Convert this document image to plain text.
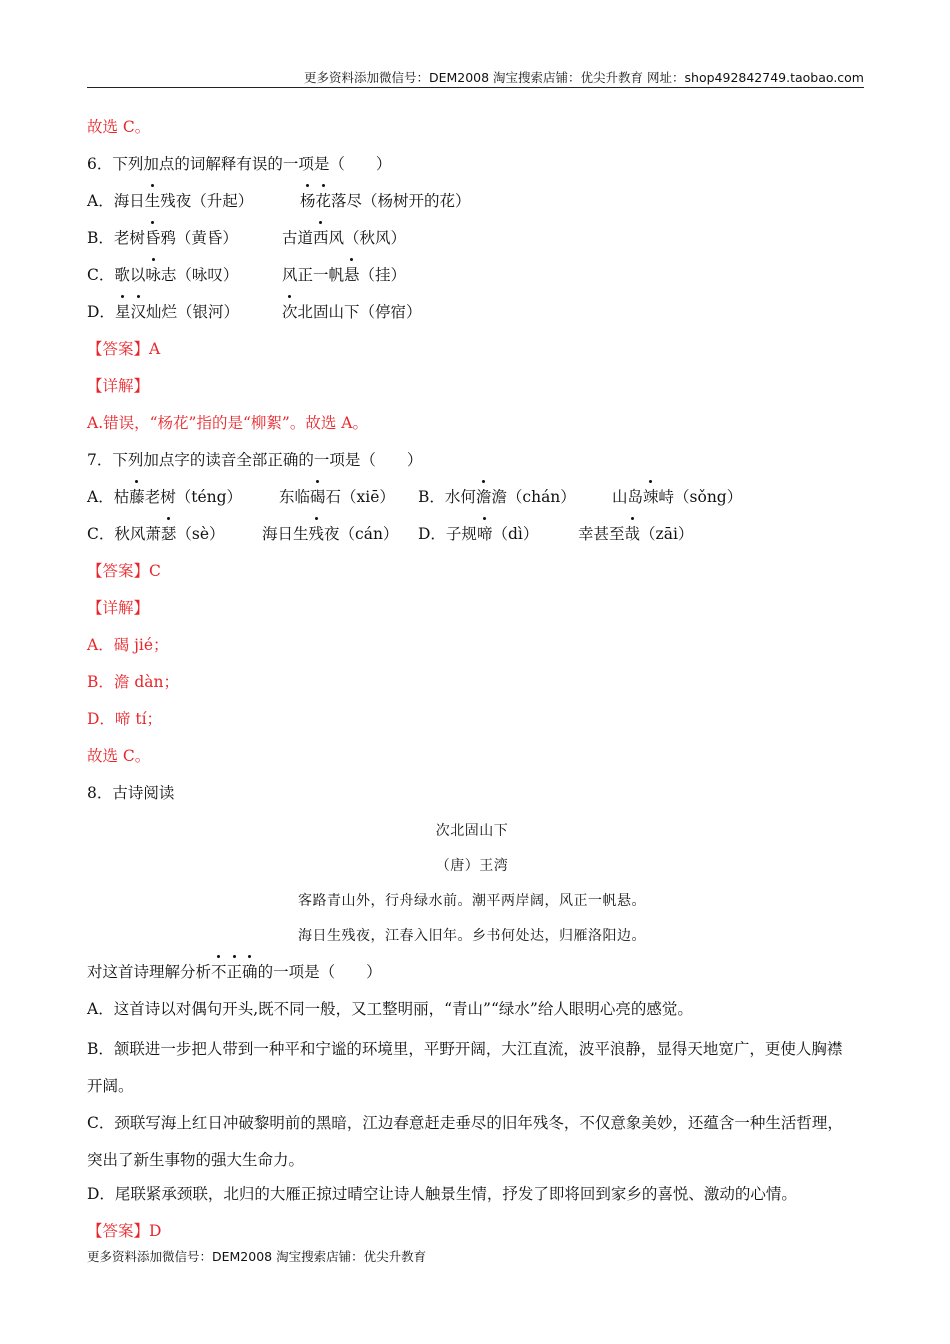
更多资料添加微信号：DEM2008 淘宝搜索店铺：优尖升教育 网址：shop492842749.taobao.com
故选 C。
6．下列加点的词解释有误的一项是（　　）
A．海日生残夜（升起）	杨花落尽（杨树开的花）
B．老树昏鸦（黄昏）	古道西风（秋风）
C．歌以咏志（咏叹）	风正一帆悬（挂）
D．星汉灿烂（银河）	次北固山下（停宿）
【答案】A
【详解】
A.错误，“杨花”指的是“柳絮”。故选 A。
7．下列加点字的读音全部正确的一项是（　　）
A．枯藤老树（téng） 东临碣石（xiē） B．水何澹澹（chán） 山岛竦峙（sǒng）
C．秋风萧瑟（sè） 海日生残夜（cán） D．子规啼（dì）	幸甚至哉（zāi）
【答案】C
【详解】
A．碣 jié；
B．澹 dàn；
D．啼 tí；
故选 C。
8．古诗阅读
次北固山下
（唐）王湾
客路青山外，行舟绿水前。潮平两岸阔，风正一帆悬。
海日生残夜，江春入旧年。乡书何处达，归雁洛阳边。
对这首诗理解分析不正确的一项是（　　）
A．这首诗以对偶句开头,既不同一般，又工整明丽，“青山”“绿水”给人眼明心亮的感觉。
B．颔联进一步把人带到一种平和宁谧的环境里，平野开阔，大江直流，波平浪静，显得天地宽广，更使人胸襟开阔。
C．颈联写海上红日冲破黎明前的黑暗，江边春意赶走垂尽的旧年残冬，不仅意象美妙，还蕴含一种生活哲理，突出了新生事物的强大生命力。
D．尾联紧承颈联，北归的大雁正掠过晴空让诗人触景生情，抒发了即将回到家乡的喜悦、激动的心情。
【答案】D
更多资料添加微信号：DEM2008 淘宝搜索店铺：优尖升教育
